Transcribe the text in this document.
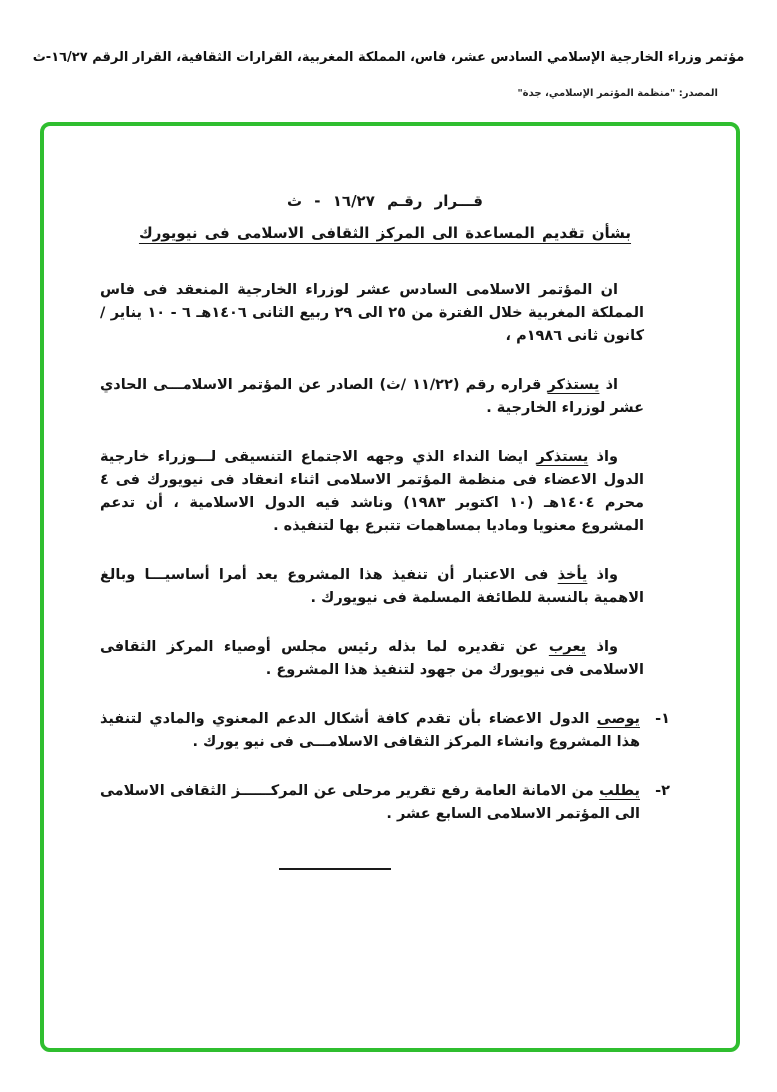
مؤتمر وزراء الخارجية الإسلامي السادس عشر، فاس، المملكة المغربية، القرارات الثقافية، القرار الرقم ١٦/٢٧-ث
المصدر: "منظمة المؤتمر الإسلامي، جدة"
قـــرار رقـم ١٦/٢٧ - ث
بشأن تقديم المساعدة الى المركز الثقافى الاسلامى فى نيويورك

ان المؤتمر الاسلامى السادس عشر لوزراء الخارجية المنعقد فى فاس المملكة المغربية خلال الفترة من ٢٥ الى ٢٩ ربيع الثانى ١٤٠٦هـ ٦ - ١٠ يناير / كانون ثانى ١٩٨٦م ،

اذ يستذكر قراره رقم (١١/٢٢ /ث) الصادر عن المؤتمر الاسلامـــى الحادي عشر لوزراء الخارجية .

واذ يستذكر ايضا النداء الذي وجهه الاجتماع التنسيقى لـــوزراء خارجية الدول الاعضاء فى منظمة المؤتمر الاسلامى اثناء انعقاد فى نيويورك فى ٤ محرم ١٤٠٤هـ (١٠ اكتوبر ١٩٨٣) وناشد فيه الدول الاسلامية ، أن تدعم المشروع معنويا وماديا بمساهمات تتبرع بها لتنفيذه .

واذ يأخذ فى الاعتبار أن تنفيذ هذا المشروع يعد أمرا أساسيـــا وبالغ الاهمية بالنسبة للطائفة المسلمة فى نيويورك .

واذ يعرب عن تقديره لما بذله رئيس مجلس أوصياء المركز الثقافى الاسلامى فى نيويورك من جهود لتنفيذ هذا المشروع .

١-
يوصى الدول الاعضاء بأن تقدم كافة أشكال الدعم المعنوي والمادي لتنفيذ هذا المشروع وانشاء المركز الثقافى الاسلامـــى فى نيو يورك .
٢-
يطلب من الامانة العامة رفع تقرير مرحلى عن المركــــــز الثقافى الاسلامى الى المؤتمر الاسلامى السابع عشر .
